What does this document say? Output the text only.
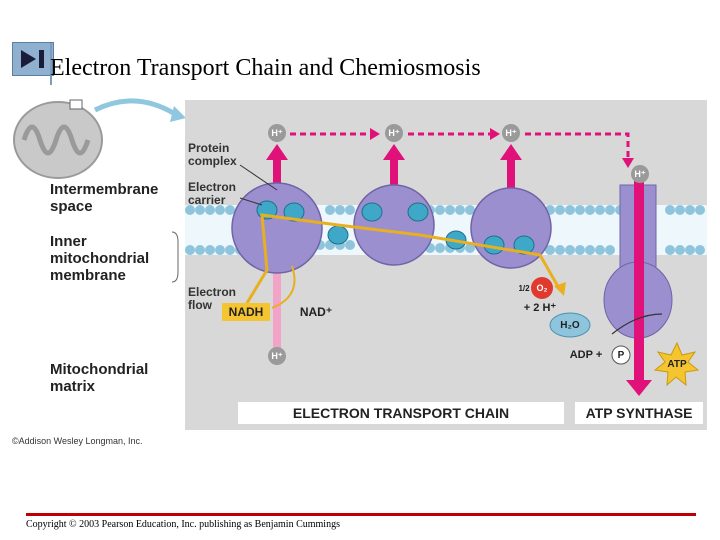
Electron Transport Chain and Chemiosmosis
Intermembrane
space
Inner
mitochondrial
membrane
Mitochondrial
matrix
Protein
complex
Electron
carrier
Electron
flow
H⁺	H⁺	H⁺
H⁺
H⁺
NADH	NAD⁺
1/2 O₂
+ 2 H⁺
H₂O
ADP +	P
ATP
ELECTRON TRANSPORT CHAIN	ATP SYNTHASE
©Addison Wesley Longman, Inc.
Copyright © 2003 Pearson Education, Inc. publishing as Benjamin Cummings
